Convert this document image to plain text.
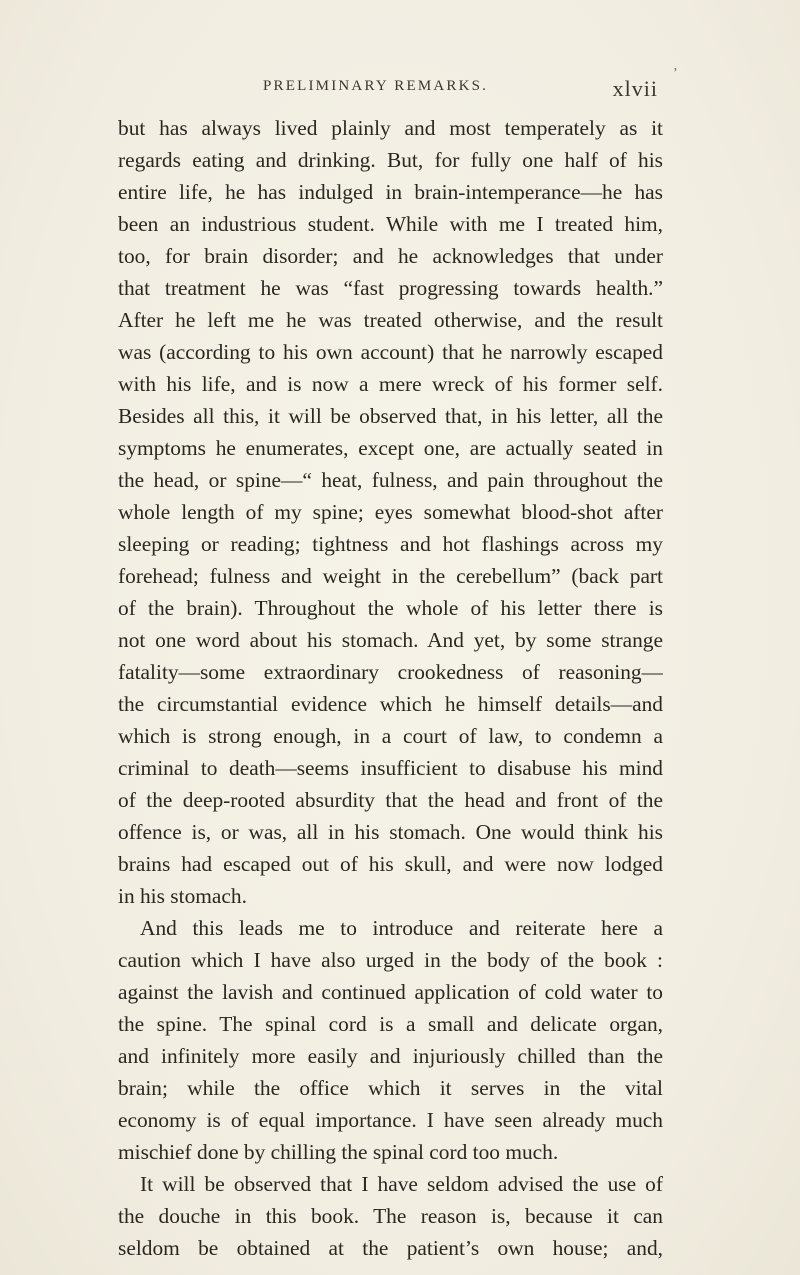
’
PRELIMINARY REMARKS.	xlvii
but has always lived plainly and most temperately as it
regards eating and drinking. But, for fully one half of his
entire life, he has indulged in brain-intemperance—he has
been an industrious student. While with me I treated him,
too, for brain disorder; and he acknowledges that under
that treatment he was “fast progressing towards health.”
After he left me he was treated otherwise, and the result
was (according to his own account) that he narrowly escaped
with his life, and is now a mere wreck of his former self.
Besides all this, it will be observed that, in his letter, all the
symptoms he enumerates, except one, are actually seated in
the head, or spine—“ heat, fulness, and pain throughout the
whole length of my spine; eyes somewhat blood-shot after
sleeping or reading; tightness and hot flashings across my
forehead; fulness and weight in the cerebellum” (back part
of the brain). Throughout the whole of his letter there is
not one word about his stomach. And yet, by some strange
fatality—some extraordinary crookedness of reasoning—
the circumstantial evidence which he himself details—and
which is strong enough, in a court of law, to condemn a
criminal to death—seems insufficient to disabuse his mind
of the deep-rooted absurdity that the head and front of the
offence is, or was, all in his stomach. One would think his
brains had escaped out of his skull, and were now lodged
in his stomach.
And this leads me to introduce and reiterate here a
caution which I have also urged in the body of the book :
against the lavish and continued application of cold water to
the spine. The spinal cord is a small and delicate organ,
and infinitely more easily and injuriously chilled than the
brain; while the office which it serves in the vital
economy is of equal importance. I have seen already much
mischief done by chilling the spinal cord too much.
It will be observed that I have seldom advised the use of
the douche in this book. The reason is, because it can
seldom be obtained at the patient’s own house; and,
